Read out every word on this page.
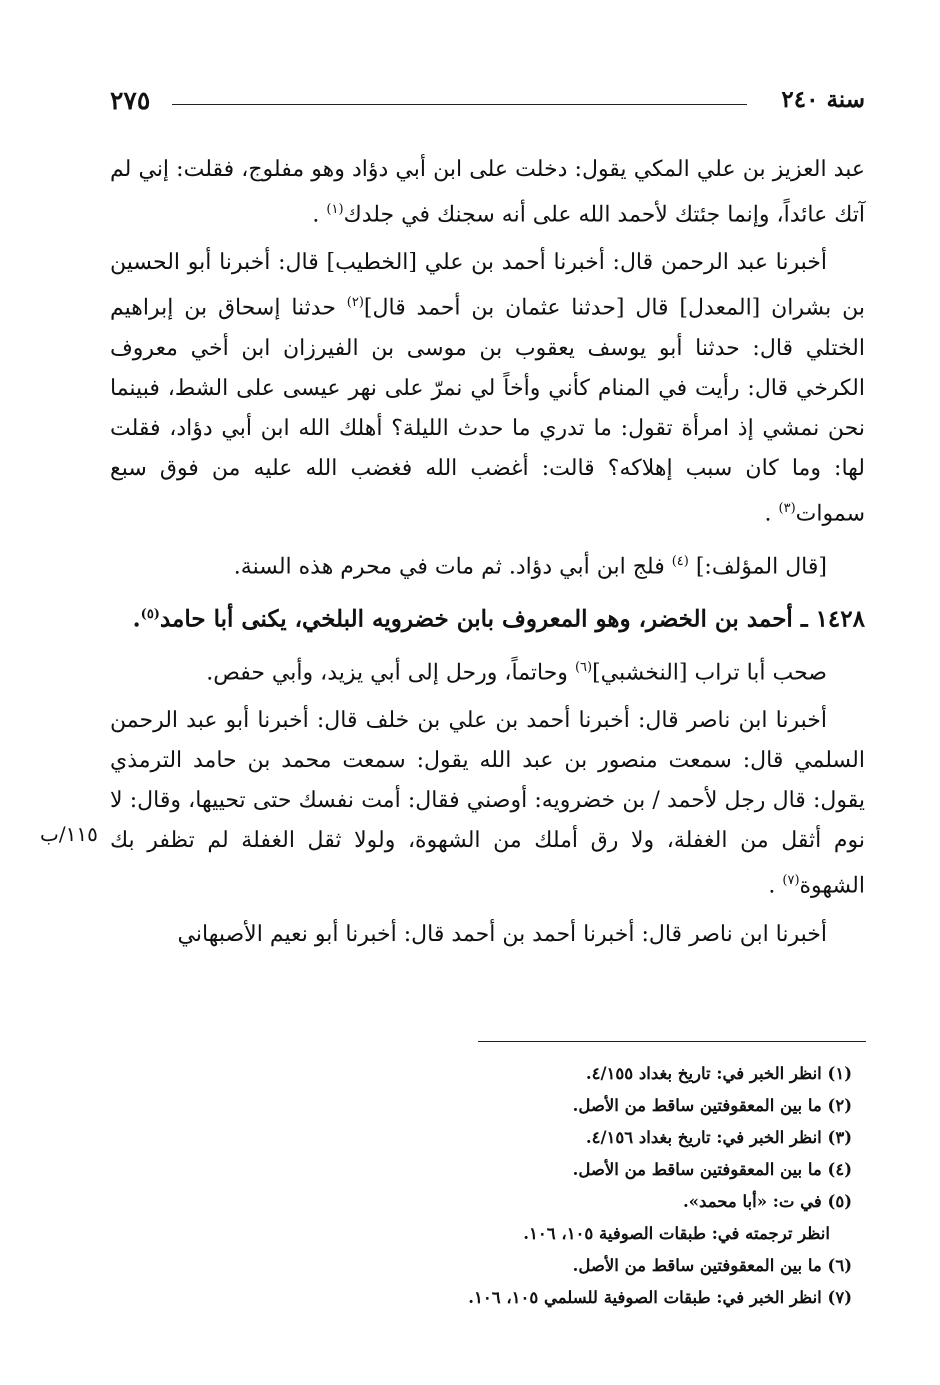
٢٧٥	سنة ٢٤٠

عبد العزيز بن علي المكي يقول: دخلت على ابن أبي دؤاد وهو مفلوج، فقلت: إني لم آتك عائداً، وإنما جئتك لأحمد الله على أنه سجنك في جلدك$^{(١)}$ .

أخبرنا عبد الرحمن قال: أخبرنا أحمد بن علي [الخطيب] قال: أخبرنا أبو الحسين بن بشران [المعدل] قال [حدثنا عثمان بن أحمد قال]$^{(٢)}$ حدثنا إسحاق بن إبراهيم الختلي قال: حدثنا أبو يوسف يعقوب بن موسى بن الفيرزان ابن أخي معروف الكرخي قال: رأيت في المنام كأني وأخاً لي نمرّ على نهر عيسى على الشط، فبينما نحن نمشي إذ امرأة تقول: ما تدري ما حدث الليلة؟ أهلك الله ابن أبي دؤاد، فقلت لها: وما كان سبب إهلاكه؟ قالت: أغضب الله فغضب الله عليه من فوق سبع سموات$^{(٣)}$ .

[قال المؤلف:] $^{(٤)}$ فلج ابن أبي دؤاد. ثم مات في محرم هذه السنة.

١٤٢٨ ـ أحمد بن الخضر، وهو المعروف بابن خضرويه البلخي، يكنى أبا حامد$^{(٥)}$.

صحب أبا تراب [النخشبي]$^{(٦)}$ وحاتماً، ورحل إلى أبي يزيد، وأبي حفص.

أخبرنا ابن ناصر قال: أخبرنا أحمد بن علي بن خلف قال: أخبرنا أبو عبد الرحمن السلمي قال: سمعت منصور بن عبد الله يقول: سمعت محمد بن حامد الترمذي يقول: قال رجل لأحمد / بن خضرويه: أوصني فقال: أمت نفسك حتى تحييها، وقال: لا نوم أثقل من الغفلة، ولا رق أملك من الشهوة، ولولا ثقل الغفلة لم تظفر بك الشهوة$^{(٧)}$ .

أخبرنا ابن ناصر قال: أخبرنا أحمد بن أحمد قال: أخبرنا أبو نعيم الأصبهاني

١١٥/ب
(١) انظر الخبر في: تاريخ بغداد ٤/١٥٥.
(٢) ما بين المعقوفتين ساقط من الأصل.
(٣) انظر الخبر في: تاريخ بغداد ٤/١٥٦.
(٤) ما بين المعقوفتين ساقط من الأصل.
(٥) في ت: «أبا محمد».
انظر ترجمته في: طبقات الصوفية ١٠٥، ١٠٦.
(٦) ما بين المعقوفتين ساقط من الأصل.
(٧) انظر الخبر في: طبقات الصوفية للسلمي ١٠٥، ١٠٦.
